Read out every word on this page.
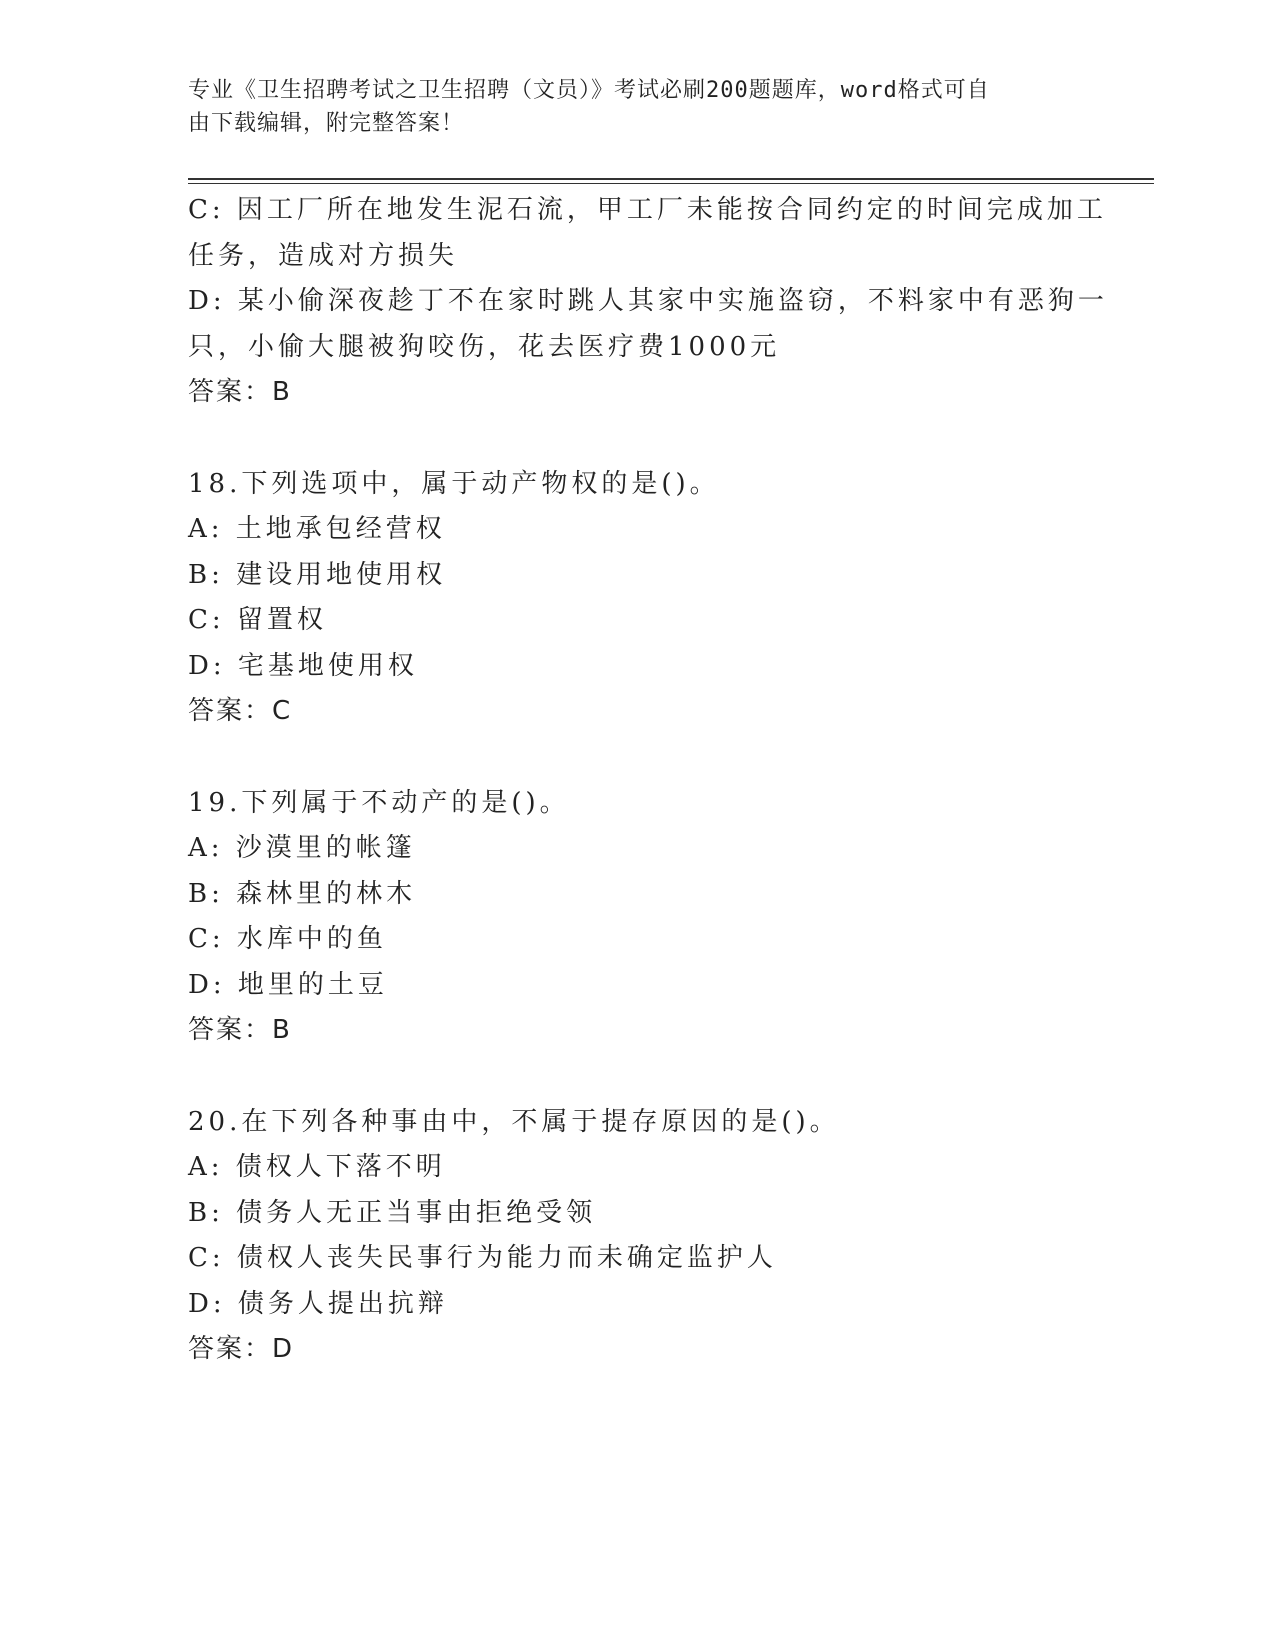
专业《卫生招聘考试之卫生招聘（文员）》考试必刷200题题库，word格式可自
由下载编辑，附完整答案！
C: 因工厂所在地发生泥石流，甲工厂未能按合同约定的时间完成加工
任务，造成对方损失
D: 某小偷深夜趁丁不在家时跳人其家中实施盗窃，不料家中有恶狗一
只，小偷大腿被狗咬伤，花去医疗费1000元
答案：B
18.下列选项中，属于动产物权的是()。
A: 土地承包经营权
B: 建设用地使用权
C: 留置权
D: 宅基地使用权
答案：C
19.下列属于不动产的是()。
A: 沙漠里的帐篷
B: 森林里的林木
C: 水库中的鱼
D: 地里的土豆
答案：B
20.在下列各种事由中，不属于提存原因的是()。
A: 债权人下落不明
B: 债务人无正当事由拒绝受领
C: 债权人丧失民事行为能力而未确定监护人
D: 债务人提出抗辩
答案：D
